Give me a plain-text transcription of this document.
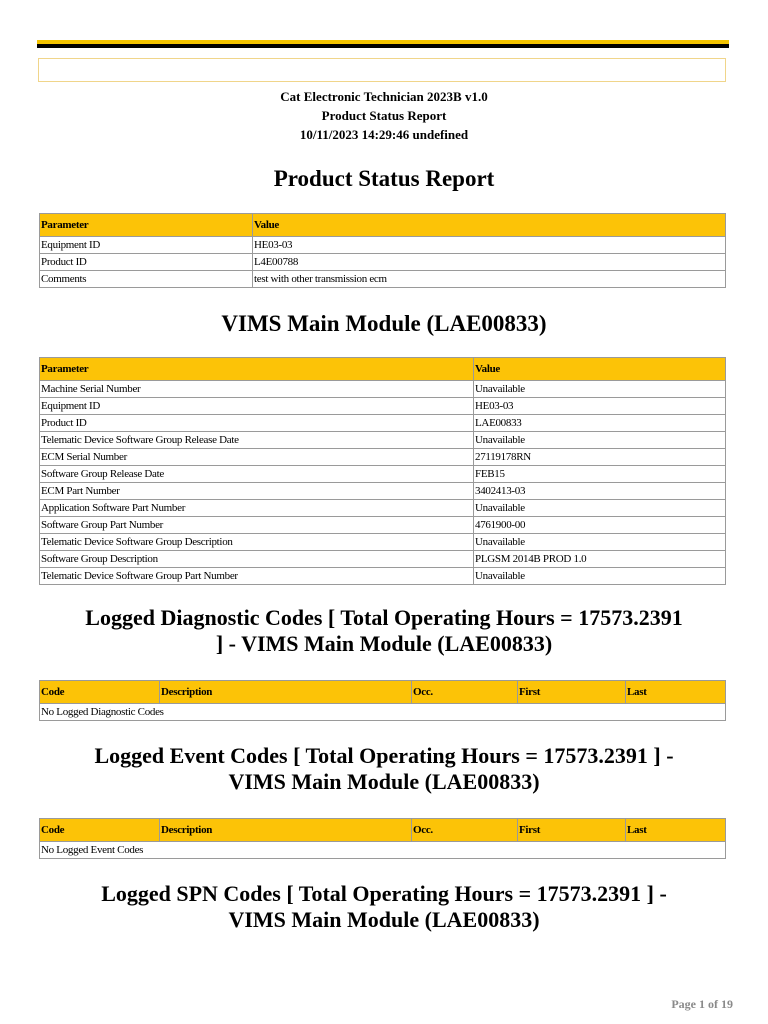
Cat Electronic Technician 2023B v1.0
Product Status Report
10/11/2023 14:29:46 undefined
Product Status Report
Parameter	Value
Equipment ID	HE03-03
Product ID	L4E00788
Comments	test with other transmission ecm
VIMS Main Module (LAE00833)
Parameter	Value
Machine Serial Number	Unavailable
Equipment ID	HE03-03
Product ID	LAE00833
Telematic Device Software Group Release Date	Unavailable
ECM Serial Number	27119178RN
Software Group Release Date	FEB15
ECM Part Number	3402413-03
Application Software Part Number	Unavailable
Software Group Part Number	4761900-00
Telematic Device Software Group Description	Unavailable
Software Group Description	PLGSM 2014B PROD 1.0
Telematic Device Software Group Part Number	Unavailable
Logged Diagnostic Codes [ Total Operating Hours = 17573.2391
] - VIMS Main Module (LAE00833)
Code	Description	Occ.	First	Last
No Logged Diagnostic Codes
Logged Event Codes [ Total Operating Hours = 17573.2391 ] -
VIMS Main Module (LAE00833)
Code	Description	Occ.	First	Last
No Logged Event Codes
Logged SPN Codes [ Total Operating Hours = 17573.2391 ] -
VIMS Main Module (LAE00833)
Page 1 of 19
